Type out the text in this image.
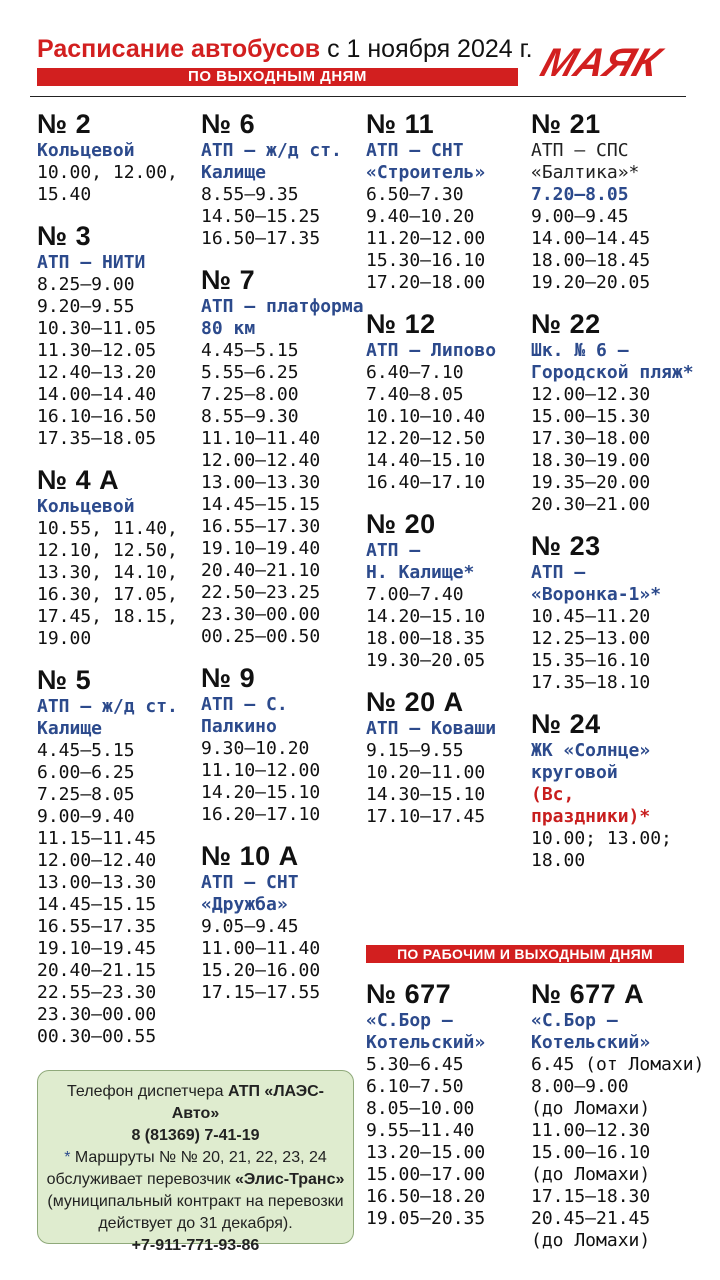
Расписание автобусов с 1 ноября 2024 г.
ПО ВЫХОДНЫМ ДНЯМ	МАЯК
№ 2
Кольцевой
10.00, 12.00,
15.40
№ 3
АТП — НИТИ
8.25–9.00
9.20–9.55
10.30–11.05
11.30–12.05
12.40–13.20
14.00–14.40
16.10–16.50
17.35–18.05
№ 4 А
Кольцевой
10.55, 11.40,
12.10, 12.50,
13.30, 14.10,
16.30, 17.05,
17.45, 18.15,
19.00
№ 5
АТП — ж/д ст.
Калище
4.45–5.15
6.00–6.25
7.25–8.05
9.00–9.40
11.15–11.45
12.00–12.40
13.00–13.30
14.45–15.15
16.55–17.35
19.10–19.45
20.40–21.15
22.55–23.30
23.30–00.00
00.30–00.55
№ 6
АТП — ж/д ст.
Калище
8.55–9.35
14.50–15.25
16.50–17.35
№ 7
АТП — платформа
80 км
4.45–5.15
5.55–6.25
7.25–8.00
8.55–9.30
11.10–11.40
12.00–12.40
13.00–13.30
14.45–15.15
16.55–17.30
19.10–19.40
20.40–21.10
22.50–23.25
23.30–00.00
00.25–00.50
№ 9
АТП — С. Палкино
9.30–10.20
11.10–12.00
14.20–15.10
16.20–17.10
№ 10 А
АТП — СНТ
«Дружба»
9.05–9.45
11.00–11.40
15.20–16.00
17.15–17.55
№ 11
АТП — СНТ
«Строитель»
6.50–7.30
9.40–10.20
11.20–12.00
15.30–16.10
17.20–18.00
№ 12
АТП — Липово
6.40–7.10
7.40–8.05
10.10–10.40
12.20–12.50
14.40–15.10
16.40–17.10
№ 20
АТП —
Н. Калище*
7.00–7.40
14.20–15.10
18.00–18.35
19.30–20.05
№ 20 А
АТП — Коваши
9.15–9.55
10.20–11.00
14.30–15.10
17.10–17.45
№ 21
АТП — СПС
«Балтика»*
7.20–8.05
9.00–9.45
14.00–14.45
18.00–18.45
19.20–20.05
№ 22
Шк. № 6 —
Городской пляж*
12.00–12.30
15.00–15.30
17.30–18.00
18.30–19.00
19.35–20.00
20.30–21.00
№ 23
АТП —
«Воронка-1»*
10.45–11.20
12.25–13.00
15.35–16.10
17.35–18.10
№ 24
ЖК «Солнце»
круговой
(Вс, праздники)*
10.00; 13.00;
18.00
ПО РАБОЧИМ И ВЫХОДНЫМ ДНЯМ
№ 677
«С.Бор —
Котельский»
5.30–6.45
6.10–7.50
8.05–10.00
9.55–11.40
13.20–15.00
15.00–17.00
16.50–18.20
19.05–20.35
№ 677 А
«С.Бор —
Котельский»
6.45 (от Ломахи)
8.00–9.00
(до Ломахи)
11.00–12.30
15.00–16.10
(до Ломахи)
17.15–18.30
20.45–21.45
(до Ломахи)
Телефон диспетчера АТП «ЛАЭС-Авто»
8 (81369) 7-41-19
* Маршруты № № 20, 21, 22, 23, 24
обслуживает перевозчик «Элис-Транс»
(муниципальный контракт на перевозки
действует до 31 декабря).
+7-911-771-93-86
